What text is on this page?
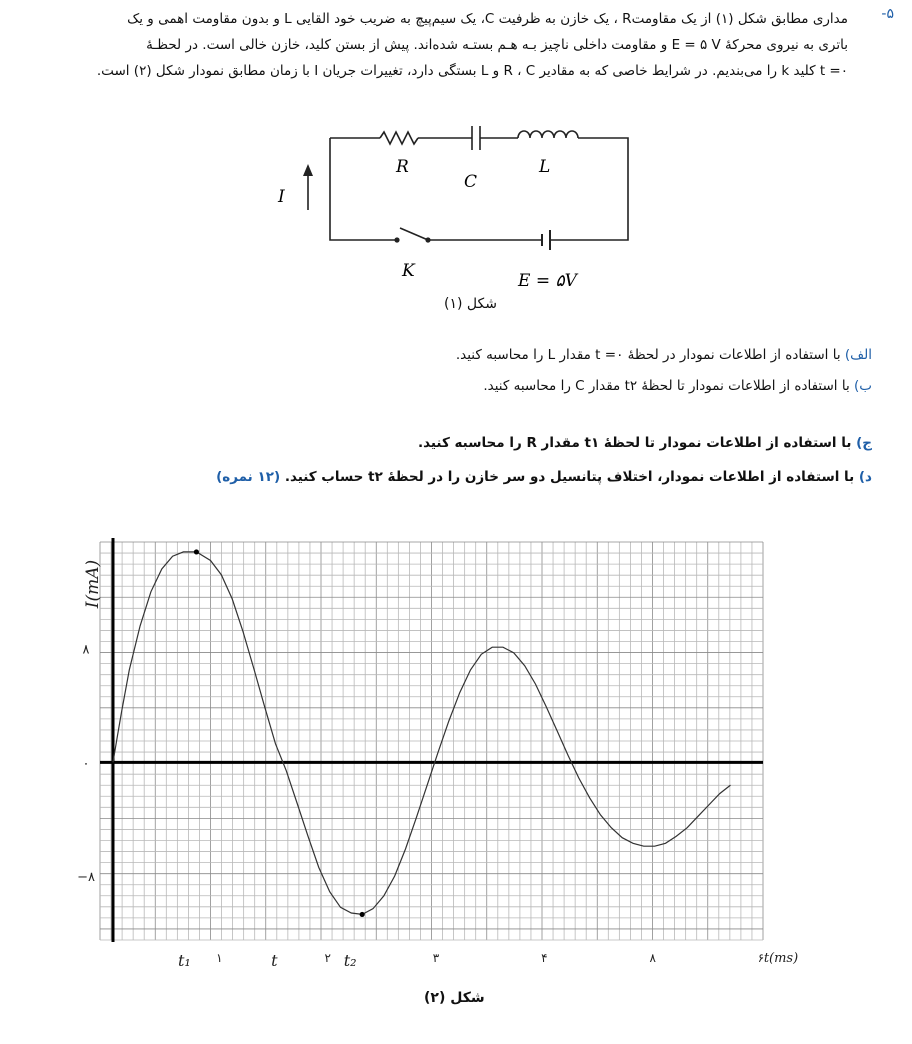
-۵
مداری مطابق شکل (۱) از یک مقاومتR ، یک خازن به ظرفیت C، یک سیم‌پیچ به ضریب خود القایی L و بدون مقاومت اهمی و یک
باتری به نیروی محرکهٔ E = ۵ V و مقاومت داخلی ناچیز بـه هـم بستـه شده‌اند. پیش از بستن کلید، خازن خالی است. در لحظـهٔ
t =۰ کلید k را می‌بندیم. در شرایط خاصی که به مقادیر R ، C و L بستگی دارد، تغییرات جریان I با زمان مطابق نمودار شکل (۲) است.
R
C
L
I
K	E = ۵V
شکل (۱)
الف) با استفاده از اطلاعات نمودار در لحظهٔ t =۰ مقدار L را محاسبه کنید.
ب) با استفاده از اطلاعات نمودار تا لحظهٔ t۲ مقدار C را محاسبه کنید.
ج) با استفاده از اطلاعات نمودار تا لحظهٔ t۱ مقدار R را محاسبه کنید.
د) با استفاده از اطلاعات نمودار، اختلاف پتانسیل دو سر خازن را در لحظهٔ t۲ حساب کنید. (۱۲ نمره)
۸
۰
−۸
I(mA)
۱	۲	۳	۴	۸	۶
t₁	t	t₂	t(ms)
شکل (۲)
